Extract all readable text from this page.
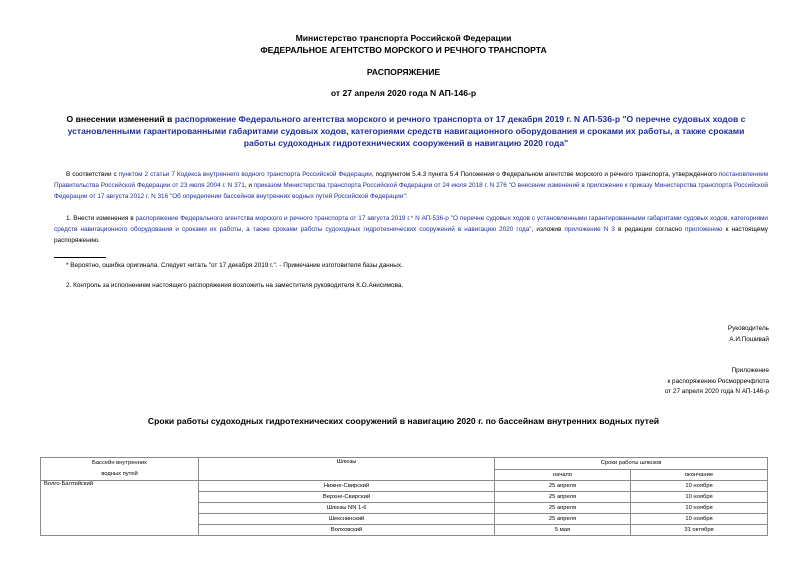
Министерство транспорта Российской Федерации
ФЕДЕРАЛЬНОЕ АГЕНТСТВО МОРСКОГО И РЕЧНОГО ТРАНСПОРТА
РАСПОРЯЖЕНИЕ
от 27 апреля 2020 года N АП-146-р
О внесении изменений в распоряжение Федерального агентства морского и речного транспорта от 17 декабря 2019 г. N АП-536-р "О перечне судовых ходов с установленными гарантированными габаритами судовых ходов, категориями средств навигационного оборудования и сроками их работы, а также сроками работы судоходных гидротехнических сооружений в навигацию 2020 года"
В соответствии с пунктом 2 статьи 7 Кодекса внутреннего водного транспорта Российской Федерации, подпунктом 5.4.3 пункта 5.4 Положения о Федеральном агентстве морского и речного транспорта, утвержденного постановлением Правительства Российской Федерации от 23 июля 2004 г. N 371, и приказом Министерства транспорта Российской Федерации от 24 июля 2018 г. N 276 "О внесении изменений в приложение к приказу Министерства транспорта Российской Федерации от 17 августа 2012 г. N 316 "Об определении бассейнов внутренних водных путей Российской Федерации":
1. Внести изменения в распоряжение Федерального агентства морского и речного транспорта от 17 августа 2019 г.* N АП-536-р "О перечне судовых ходов с установленными гарантированными габаритами судовых ходов, категориями средств навигационного оборудования и сроками их работы, а также сроками работы судоходных гидротехнических сооружений в навигацию 2020 года", изложив приложение N 3 в редакции согласно приложению к настоящему распоряжению.
* Вероятно, ошибка оригинала. Следует читать "от 17 декабря 2019 г.". - Примечание изготовителя базы данных.
2. Контроль за исполнением настоящего распоряжения возложить на заместителя руководителя К.О.Анисимова.
Руководитель
А.И.Пошивай
Приложение
к распоряжению Росморречфлота
от 27 апреля 2020 года N АП-146-р
Сроки работы судоходных гидротехнических сооружений в навигацию 2020 г. по бассейнам внутренних водных путей
Бассейн внутренних
водных путей	Шлюзы	Сроки работы шлюзов	
		начало	окончание
Волго-Балтийский	Нижне-Свирский	25 апреля	10 ноября
	Верхне-Свирский	25 апреля	10 ноября
	Шлюзы NN 1-6	25 апреля	10 ноября
	Шекснинский	25 апреля	10 ноября
	Волховский	5 мая	31 октября
